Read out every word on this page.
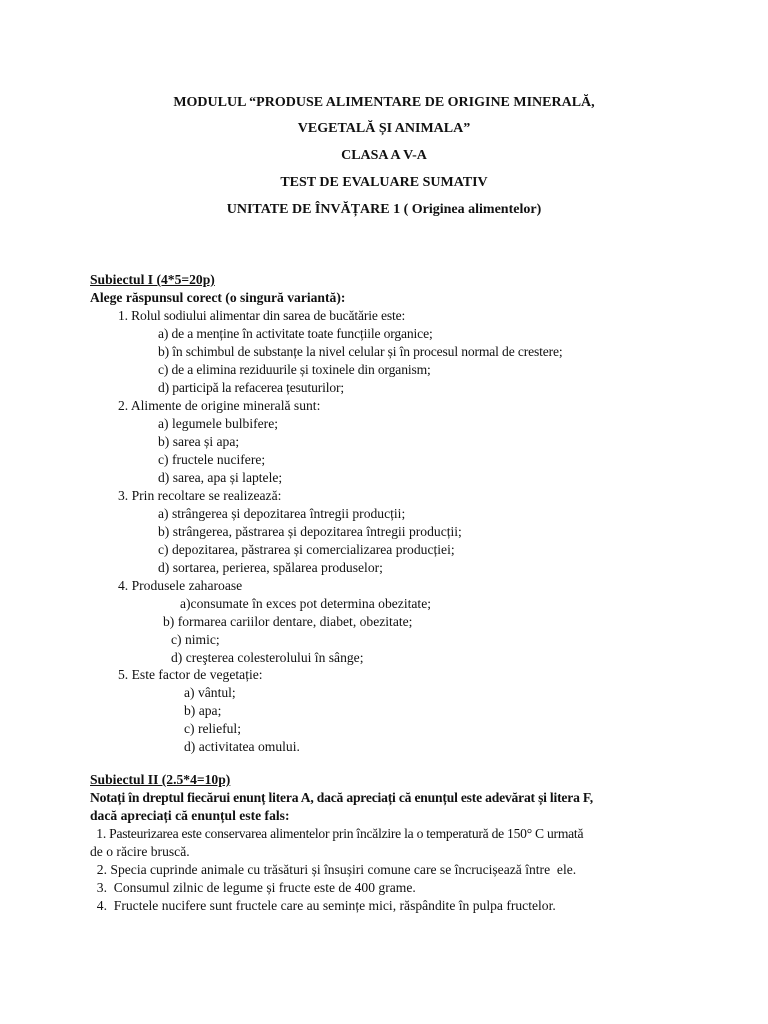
MODULUL “PRODUSE ALIMENTARE DE ORIGINE MINERALĂ,
VEGETALĂ ȘI ANIMALA”
CLASA A V-A
TEST DE EVALUARE SUMATIV
UNITATE DE ÎNVĂȚARE 1 ( Originea alimentelor)
Subiectul I (4*5=20p)
Alege răspunsul corect (o singură variantă):
1. Rolul sodiului alimentar din sarea de bucătărie este:
a) de a menține în activitate toate funcțiile organice;
b) în schimbul de substanțe la nivel celular și în procesul normal de crestere;
c) de a elimina reziduurile și toxinele din organism;
d) participă la refacerea țesuturilor;
2. Alimente de origine minerală sunt:
a) legumele bulbifere;
b) sarea și apa;
c) fructele nucifere;
d) sarea, apa și laptele;
3. Prin recoltare se realizează:
a) strângerea și depozitarea întregii producții;
b) strângerea, păstrarea și depozitarea întregii producții;
c) depozitarea, păstrarea și comercializarea producției;
d) sortarea, perierea, spălarea produselor;
4. Produsele zaharoase
a)consumate în exces pot determina obezitate;
b) formarea cariilor dentare, diabet, obezitate;
c) nimic;
d) creşterea colesterolului în sânge;
5. Este factor de vegetație:
a) vântul;
b) apa;
c) relieful;
d) activitatea omului.
Subiectul II (2.5*4=10p)
Notați în dreptul fiecărui enunț litera A, dacă apreciați că enunțul este adevărat și litera F,
dacă apreciați că enunțul este fals:
1. Pasteurizarea este conservarea alimentelor prin încălzire la o temperatură de 150° C urmată
de o răcire bruscă.
2. Specia cuprinde animale cu trăsături și însușiri comune care se încrucișează între  ele.
3.  Consumul zilnic de legume și fructe este de 400 grame.
4.  Fructele nucifere sunt fructele care au semințe mici, răspândite în pulpa fructelor.
